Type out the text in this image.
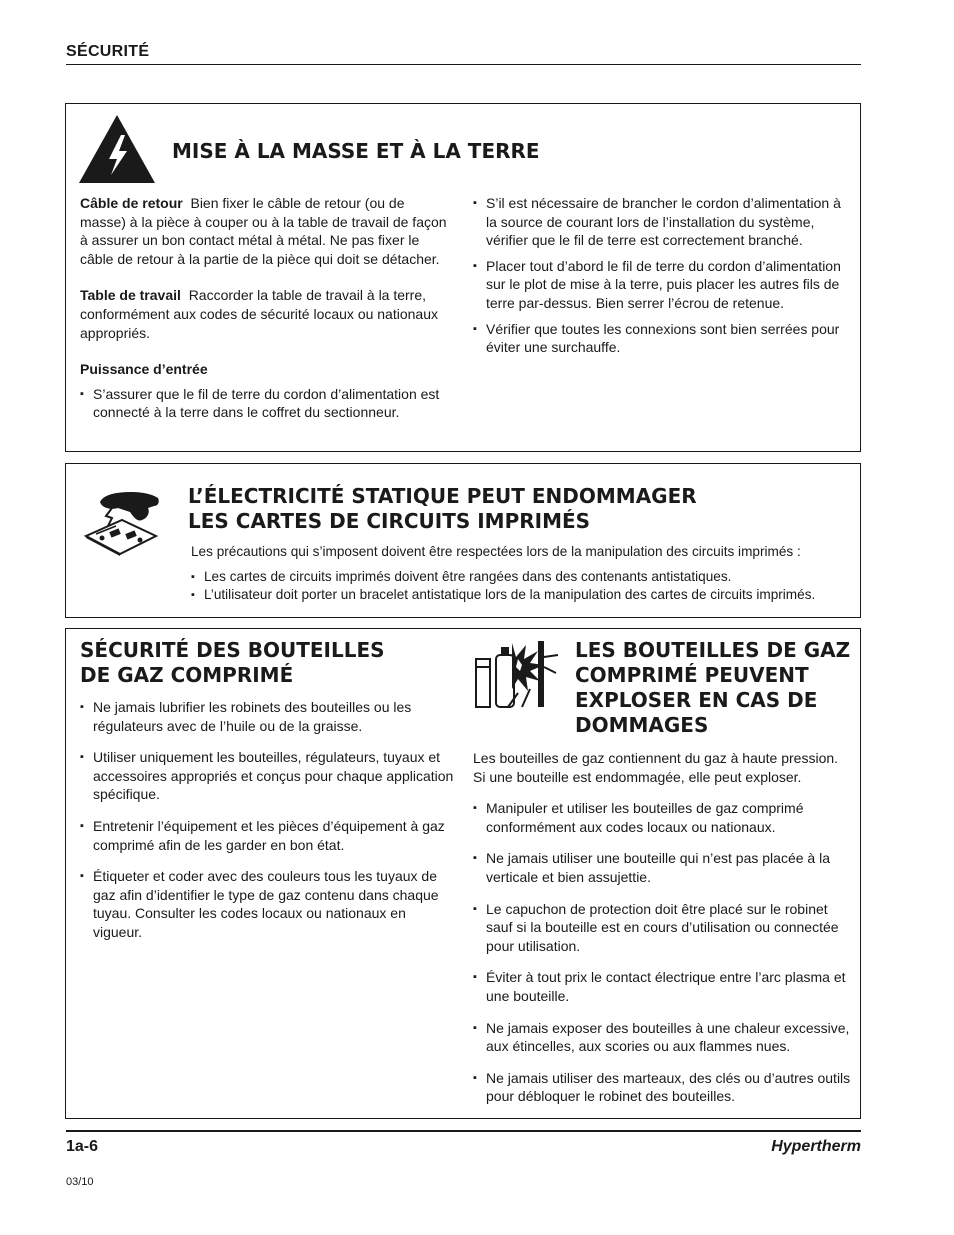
SÉCURITÉ
MISE À LA MASSE ET À LA TERRE

Câble de retour Bien fixer le câble de retour (ou de masse) à la pièce à couper ou à la table de travail de façon à assurer un bon contact métal à métal. Ne pas fixer le câble de retour à la partie de la pièce qui doit se détacher.

Table de travail Raccorder la table de travail à la terre, conformément aux codes de sécurité locaux ou nationaux appropriés.

Puissance d’entrée

▪ S’assurer que le fil de terre du cordon d’alimentation est connecté à la terre dans le coffret du sectionneur.
▪ S’il est nécessaire de brancher le cordon d’alimentation à la source de courant lors de l’installation du système, vérifier que le fil de terre est correctement branché.
▪ Placer tout d’abord le fil de terre du cordon d’alimentation sur le plot de mise à la terre, puis placer les autres fils de terre par-dessus. Bien serrer l’écrou de retenue.
▪ Vérifier que toutes les connexions sont bien serrées pour éviter une surchauffe.
L’ÉLECTRICITÉ STATIQUE PEUT ENDOMMAGER
LES CARTES DE CIRCUITS IMPRIMÉS

Les précautions qui s’imposent doivent être respectées lors de la manipulation des circuits imprimés :

▪ Les cartes de circuits imprimés doivent être rangées dans des contenants antistatiques.
▪ L’utilisateur doit porter un bracelet antistatique lors de la manipulation des cartes de circuits imprimés.
SÉCURITÉ DES BOUTEILLES
DE GAZ COMPRIMÉ
▪ Ne jamais lubrifier les robinets des bouteilles ou les régulateurs avec de l’huile ou de la graisse.
▪ Utiliser uniquement les bouteilles, régulateurs, tuyaux et accessoires appropriés et conçus pour chaque application spécifique.
▪ Entretenir l’équipement et les pièces d’équipement à gaz comprimé afin de les garder en bon état.
▪ Étiqueter et coder avec des couleurs tous les tuyaux de gaz afin d’identifier le type de gaz contenu dans chaque tuyau. Consulter les codes locaux ou nationaux en vigueur.
LES BOUTEILLES DE GAZ
COMPRIMÉ PEUVENT
EXPLOSER EN CAS DE
DOMMAGES

Les bouteilles de gaz contiennent du gaz à haute pression. Si une bouteille est endommagée, elle peut exploser.

▪ Manipuler et utiliser les bouteilles de gaz comprimé conformément aux codes locaux ou nationaux.
▪ Ne jamais utiliser une bouteille qui n’est pas placée à la verticale et bien assujettie.
▪ Le capuchon de protection doit être placé sur le robinet sauf si la bouteille est en cours d’utilisation ou connectée pour utilisation.
▪ Éviter à tout prix le contact électrique entre l’arc plasma et une bouteille.
▪ Ne jamais exposer des bouteilles à une chaleur excessive, aux étincelles, aux scories ou aux flammes nues.
▪ Ne jamais utiliser des marteaux, des clés ou d’autres outils pour débloquer le robinet des bouteilles.
1a-6	Hypertherm
03/10
